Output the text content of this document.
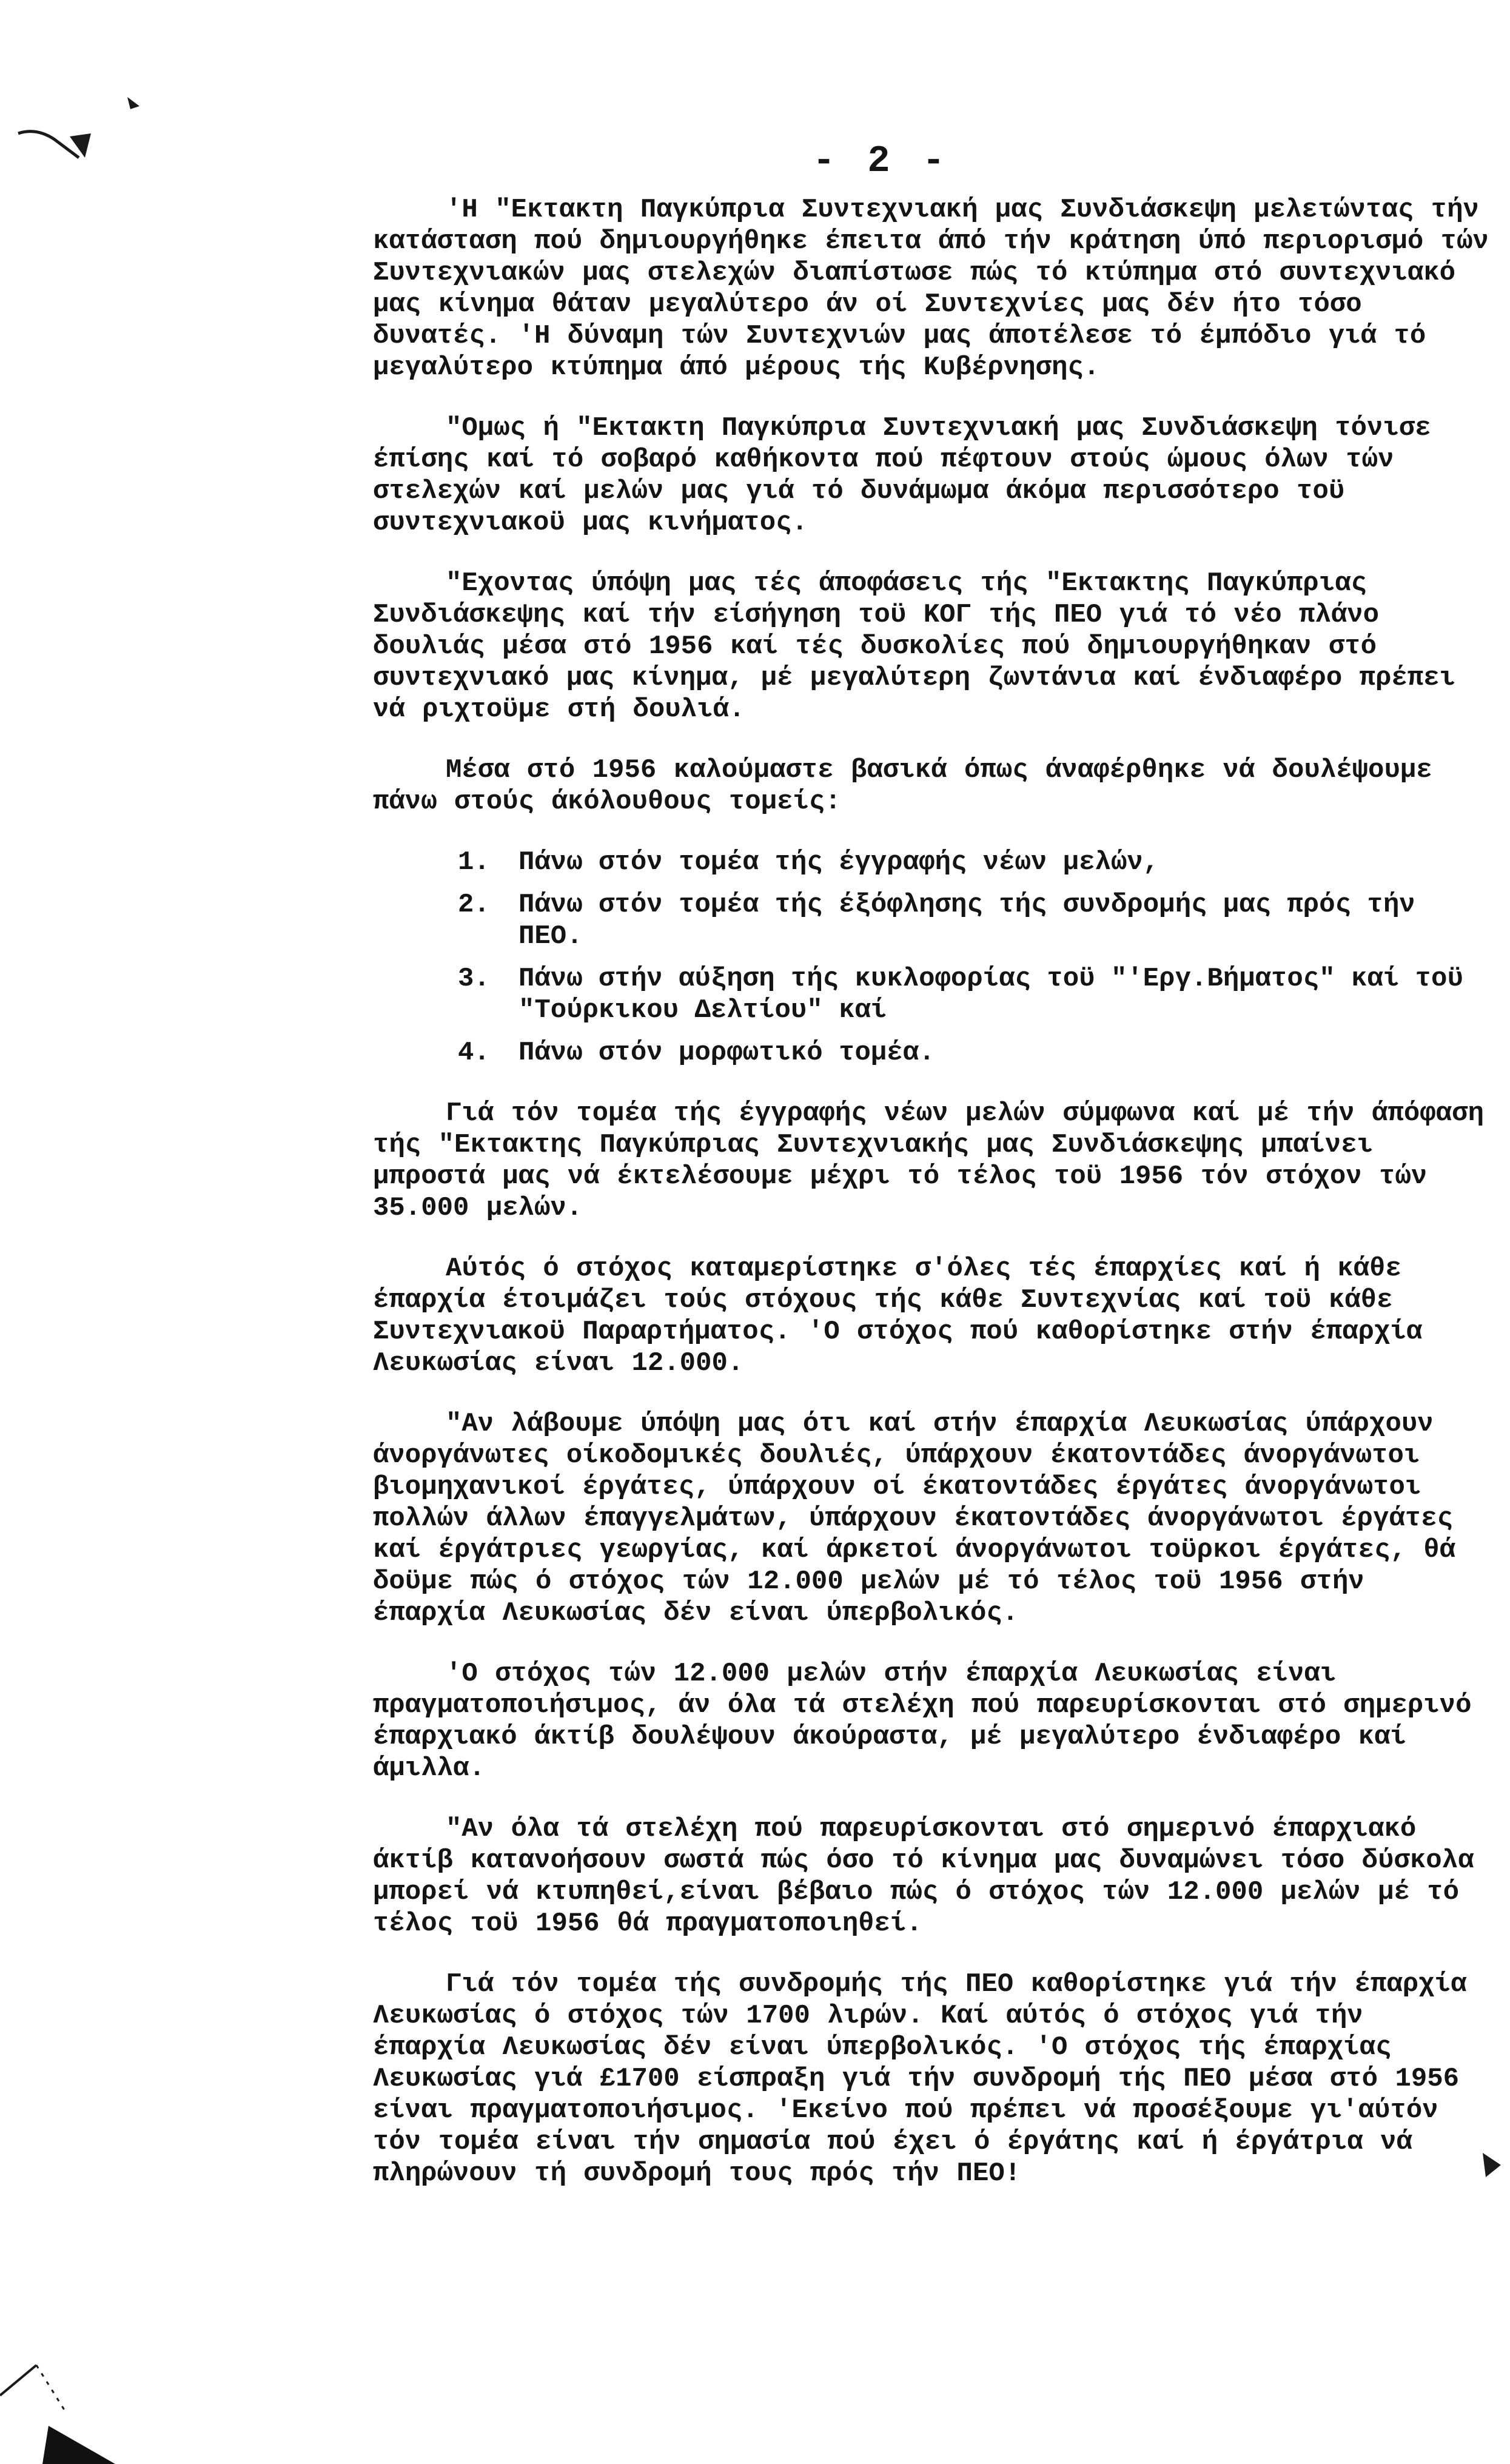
- 2 -

'Η "Εκτακτη Παγκύπρια Συντεχνιακή μας Συνδιάσκεψη μελετώντας τήν κατάσταση πού δημιουργήθηκε έπειτα άπό τήν κράτηση ύπό περιορισμό τών Συντεχνιακών μας στελεχών διαπίστωσε πώς τό κτύπημα στό συντεχνιακό μας κίνημα θάταν μεγαλύτερο άν οί Συντεχνίες μας δέν ήτο τόσο δυνατές. 'Η δύναμη τών Συντεχνιών μας άποτέλεσε τό έμπόδιο γιά τό μεγαλύτερο κτύπημα άπό μέρους τής Κυβέρνησης.

"Ομως ή "Εκτακτη Παγκύπρια Συντεχνιακή μας Συνδιάσκεψη τόνισε έπίσης καί τό σοβαρό καθήκοντα πού πέφτουν στούς ώμους όλων τών στελεχών καί μελών μας γιά τό δυνάμωμα άκόμα περισσότερο τοϋ συντεχνιακοϋ μας κινήματος.

"Εχοντας ύπόψη μας τές άποφάσεις τής "Εκτακτης Παγκύπριας Συνδιάσκεψης καί τήν είσήγηση τοϋ ΚΟΓ τής ΠΕΟ γιά τό νέο πλάνο δουλιάς μέσα στό 1956 καί τές δυσκολίες πού δημιουργήθηκαν στό συντεχνιακό μας κίνημα, μέ μεγαλύτερη ζωντάνια καί ένδιαφέρο πρέπει νά ριχτοϋμε στή δουλιά.

Μέσα στό 1956 καλούμαστε βασικά όπως άναφέρθηκε νά δουλέψουμε πάνω στούς άκόλουθους τομείς:

1.	Πάνω στόν τομέα τής έγγραφής νέων μελών,
2.	Πάνω στόν τομέα τής έξόφλησης τής συνδρομής μας πρός τήν ΠΕΟ.
3.	Πάνω στήν αύξηση τής κυκλοφορίας τοϋ "'Εργ.Βήματος" καί τοϋ "Τούρκικου Δελτίου" καί
4.	Πάνω στόν μορφωτικό τομέα.

Γιά τόν τομέα τής έγγραφής νέων μελών σύμφωνα καί μέ τήν άπόφαση τής "Εκτακτης Παγκύπριας Συντεχνιακής μας Συνδιάσκεψης μπαίνει μπροστά μας νά έκτελέσουμε μέχρι τό τέλος τοϋ 1956 τόν στόχον τών 35.000 μελών.

Αύτός ό στόχος καταμερίστηκε σ'όλες τές έπαρχίες καί ή κάθε έπαρχία έτοιμάζει τούς στόχους τής κάθε Συντεχνίας καί τοϋ κάθε Συντεχνιακοϋ Παραρτήματος. 'Ο στόχος πού καθορίστηκε στήν έπαρχία Λευκωσίας είναι 12.000.

"Αν λάβουμε ύπόψη μας ότι καί στήν έπαρχία Λευκωσίας ύπάρχουν άνοργάνωτες οίκοδομικές δουλιές, ύπάρχουν έκατοντάδες άνοργάνωτοι βιομηχανικοί έργάτες, ύπάρχουν οί έκατοντάδες έργάτες άνοργάνωτοι πολλών άλλων έπαγγελμάτων, ύπάρχουν έκατοντάδες άνοργάνωτοι έργάτες καί έργάτριες γεωργίας, καί άρκετοί άνοργάνωτοι τοϋρκοι έργάτες, θά δοϋμε πώς ό στόχος τών 12.000 μελών μέ τό τέλος τοϋ 1956 στήν έπαρχία Λευκωσίας δέν είναι ύπερβολικός.

'Ο στόχος τών 12.000 μελών στήν έπαρχία Λευκωσίας είναι πραγματοποιήσιμος, άν όλα τά στελέχη πού παρευρίσκονται στό σημερινό έπαρχιακό άκτίβ δουλέψουν άκούραστα, μέ μεγαλύτερο ένδιαφέρο καί άμιλλα.

"Αν όλα τά στελέχη πού παρευρίσκονται στό σημερινό έπαρχιακό άκτίβ κατανοήσουν σωστά πώς όσο τό κίνημα μας δυναμώνει τόσο δύσκολα μπορεί νά κτυπηθεί,είναι βέβαιο πώς ό στόχος τών 12.000 μελών μέ τό τέλος τοϋ 1956 θά πραγματοποιηθεί.

Γιά τόν τομέα τής συνδρομής τής ΠΕΟ καθορίστηκε γιά τήν έπαρχία Λευκωσίας ό στόχος τών 1700 λιρών. Καί αύτός ό στόχος γιά τήν έπαρχία Λευκωσίας δέν είναι ύπερβολικός. 'Ο στόχος τής έπαρχίας Λευκωσίας γιά £1700 είσπραξη γιά τήν συνδρομή τής ΠΕΟ μέσα στό 1956 είναι πραγματοποιήσιμος. 'Εκείνο πού πρέπει νά προσέξουμε γι'αύτόν τόν τομέα είναι τήν σημασία πού έχει ό έργάτης καί ή έργάτρια νά πληρώνουν τή συνδρομή τους πρός τήν ΠΕΟ!
